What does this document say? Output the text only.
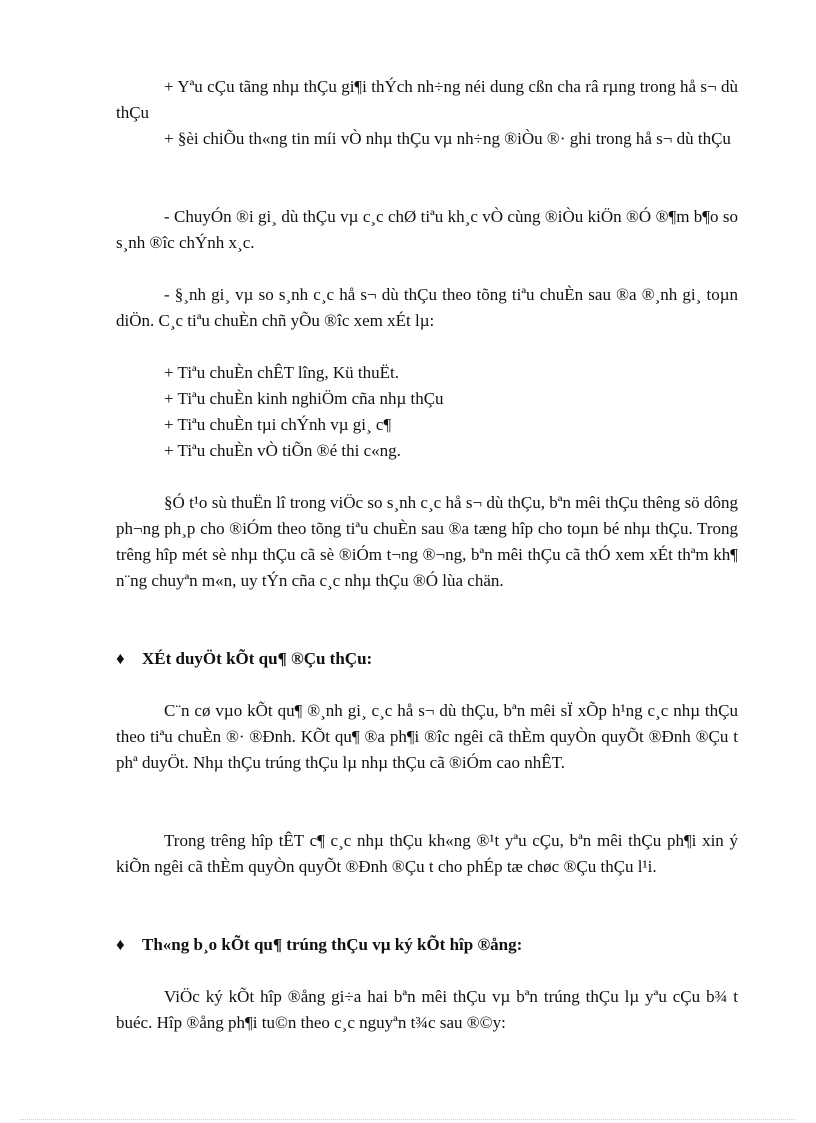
+ Yªu cÇu tãng nhµ thÇu gi¶i thÝch nh÷ng néi dung cßn cha râ rµng trong hå s¬ dù thÇu

+ §èi chiÕu th«ng tin míi vÒ nhµ thÇu vµ nh÷ng ®iÒu ®· ghi trong hå s¬ dù thÇu

- ChuyÓn ®i gi¸ dù thÇu vµ c¸c chØ tiªu kh¸c vÒ cùng ®iÒu kiÖn ®Ó ®¶m b¶o so s¸nh ®îc chÝnh x¸c.

- §¸nh gi¸ vµ so s¸nh c¸c hå s¬ dù thÇu theo tõng tiªu chuÈn sau ®a ®¸nh gi¸ toµn diÖn. C¸c tiªu chuÈn chñ yÕu ®îc xem xÉt lµ:

+ Tiªu chuÈn chÊT lîng, Kü thuËt.

+ Tiªu chuÈn kinh nghiÖm cña nhµ thÇu

+ Tiªu chuÈn tµi chÝnh vµ gi¸ c¶

+ Tiªu chuÈn vÒ tiÕn ®é thi c«ng.

§Ó t¹o sù thuËn lî trong viÖc so s¸nh c¸c hå s¬ dù thÇu, bªn mêi thÇu thêng sö dông ph¬ng ph¸p cho ®iÓm theo tõng tiªu chuÈn sau ®a tæng hîp cho toµn bé nhµ thÇu. Trong trêng hîp mét sè nhµ thÇu cã sè ®iÓm t¬ng ®¬ng, bªn mêi thÇu cã thÓ xem xÉt thªm kh¶ n¨ng chuyªn m«n, uy tÝn cña c¸c nhµ thÇu ®Ó lùa chän.

♦ XÉt duyÖt kÕt qu¶ ®Çu thÇu:

C¨n cø vµo kÕt qu¶ ®¸nh gi¸ c¸c hå s¬ dù thÇu, bªn mêi sÏ xÕp h¹ng c¸c nhµ thÇu theo tiªu chuÈn ®· ®Ðnh. KÕt qu¶ ®a ph¶i ®îc ngêi cã thÈm quyÒn quyÕt ®Ðnh ®Çu t phª duyÖt. Nhµ thÇu trúng thÇu lµ nhµ thÇu cã ®iÓm cao nhÊT.

Trong trêng hîp tÊT c¶ c¸c nhµ thÇu kh«ng ®¹t yªu cÇu, bªn mêi thÇu ph¶i xin ý kiÕn ngêi cã thÈm quyÒn quyÕt ®Ðnh ®Çu t cho phÉp tæ chøc ®Çu thÇu l¹i.

♦ Th«ng b¸o kÕt qu¶ trúng thÇu vµ ký kÕt hîp ®ång:

ViÖc ký kÕt hîp ®ång gi÷a hai bªn mêi thÇu vµ bªn trúng thÇu lµ yªu cÇu b¾ t buéc. Hîp ®ång ph¶i tu©n theo c¸c nguyªn t¾c sau ®©y:
